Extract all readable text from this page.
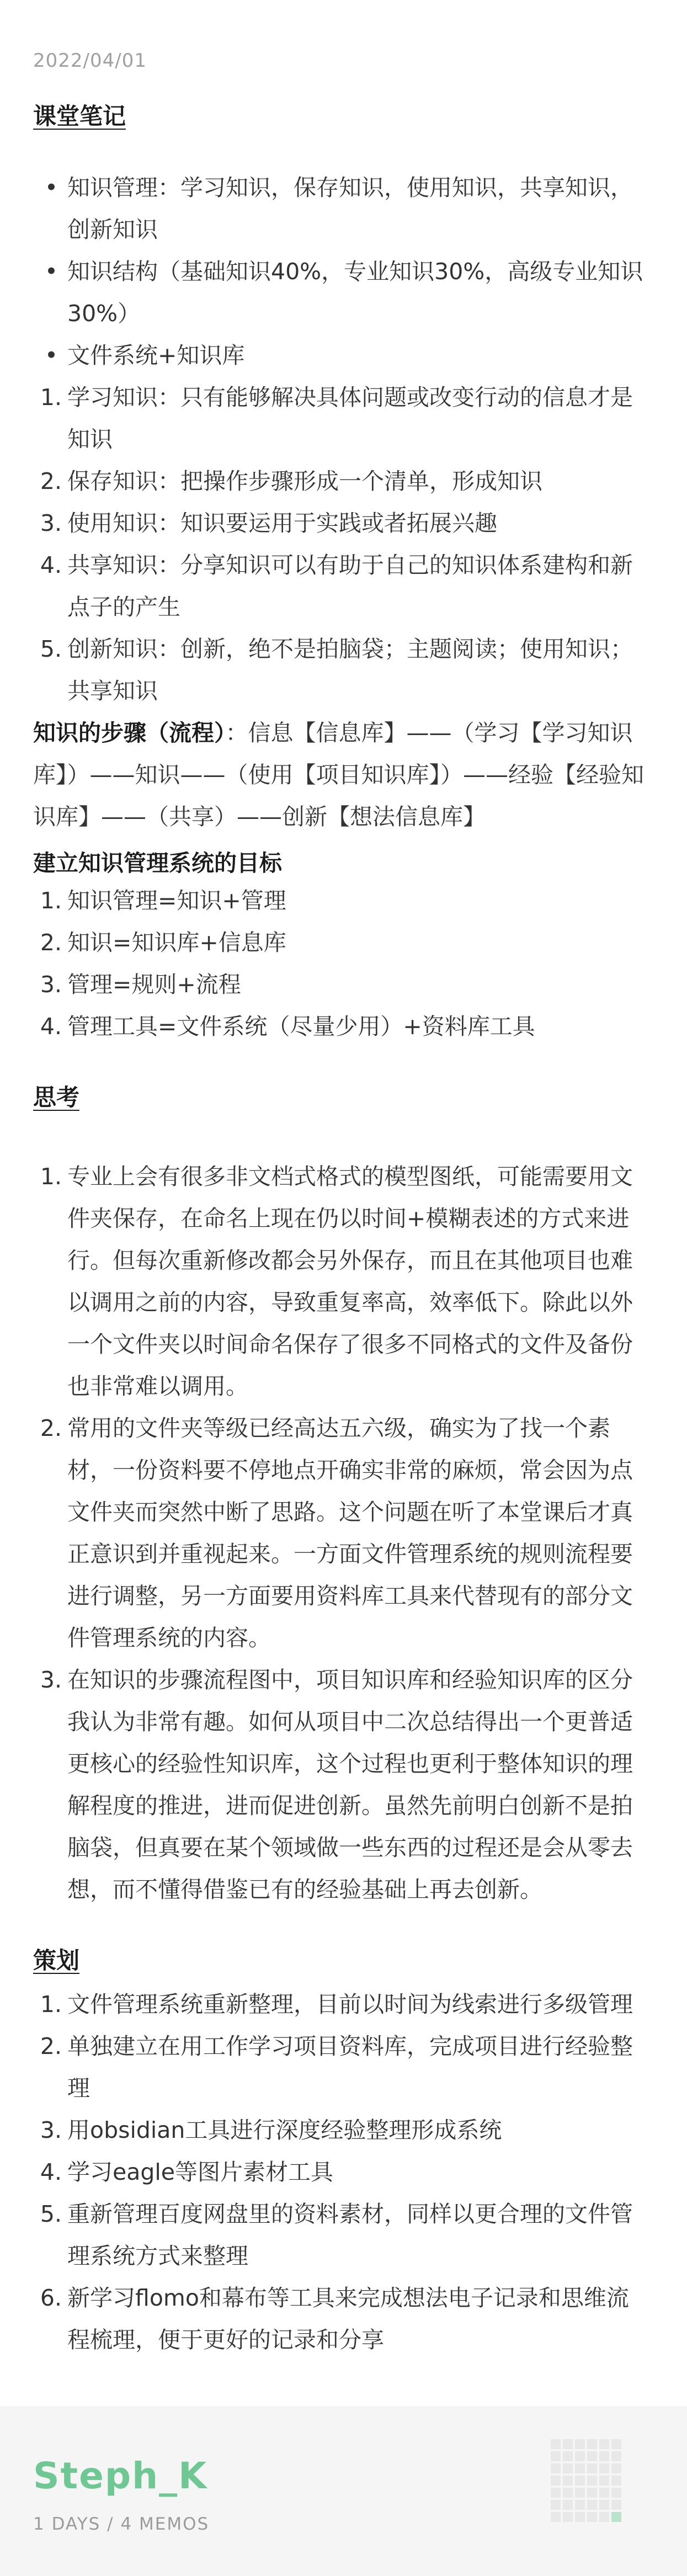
2022/04/01
课堂笔记
• 知识管理：学习知识，保存知识，使用知识，共享知识，创新知识
• 知识结构（基础知识40%，专业知识30%，高级专业知识30%）
• 文件系统+知识库
1. 学习知识：只有能够解决具体问题或改变行动的信息才是知识
2. 保存知识：把操作步骤形成一个清单，形成知识
3. 使用知识：知识要运用于实践或者拓展兴趣
4. 共享知识：分享知识可以有助于自己的知识体系建构和新点子的产生
5. 创新知识：创新，绝不是拍脑袋；主题阅读；使用知识；共享知识
知识的步骤（流程）：信息【信息库】——（学习【学习知识库】）——知识——（使用【项目知识库】）——经验【经验知识库】——（共享）——创新【想法信息库】
建立知识管理系统的目标
1. 知识管理=知识+管理
2. 知识=知识库+信息库
3. 管理=规则+流程
4. 管理工具=文件系统（尽量少用）+资料库工具
思考
1. 专业上会有很多非文档式格式的模型图纸，可能需要用文件夹保存，在命名上现在仍以时间+模糊表述的方式来进行。但每次重新修改都会另外保存，而且在其他项目也难以调用之前的内容，导致重复率高，效率低下。除此以外一个文件夹以时间命名保存了很多不同格式的文件及备份也非常难以调用。
2. 常用的文件夹等级已经高达五六级，确实为了找一个素材，一份资料要不停地点开确实非常的麻烦，常会因为点文件夹而突然中断了思路。这个问题在听了本堂课后才真正意识到并重视起来。一方面文件管理系统的规则流程要进行调整，另一方面要用资料库工具来代替现有的部分文件管理系统的内容。
3. 在知识的步骤流程图中，项目知识库和经验知识库的区分我认为非常有趣。如何从项目中二次总结得出一个更普适更核心的经验性知识库，这个过程也更利于整体知识的理解程度的推进，进而促进创新。虽然先前明白创新不是拍脑袋，但真要在某个领域做一些东西的过程还是会从零去想，而不懂得借鉴已有的经验基础上再去创新。
策划
1. 文件管理系统重新整理，目前以时间为线索进行多级管理
2. 单独建立在用工作学习项目资料库，完成项目进行经验整理
3. 用obsidian工具进行深度经验整理形成系统
4. 学习eagle等图片素材工具
5. 重新管理百度网盘里的资料素材，同样以更合理的文件管理系统方式来整理
6. 新学习flomo和幕布等工具来完成想法电子记录和思维流程梳理，便于更好的记录和分享
Steph_K
1 DAYS / 4 MEMOS
